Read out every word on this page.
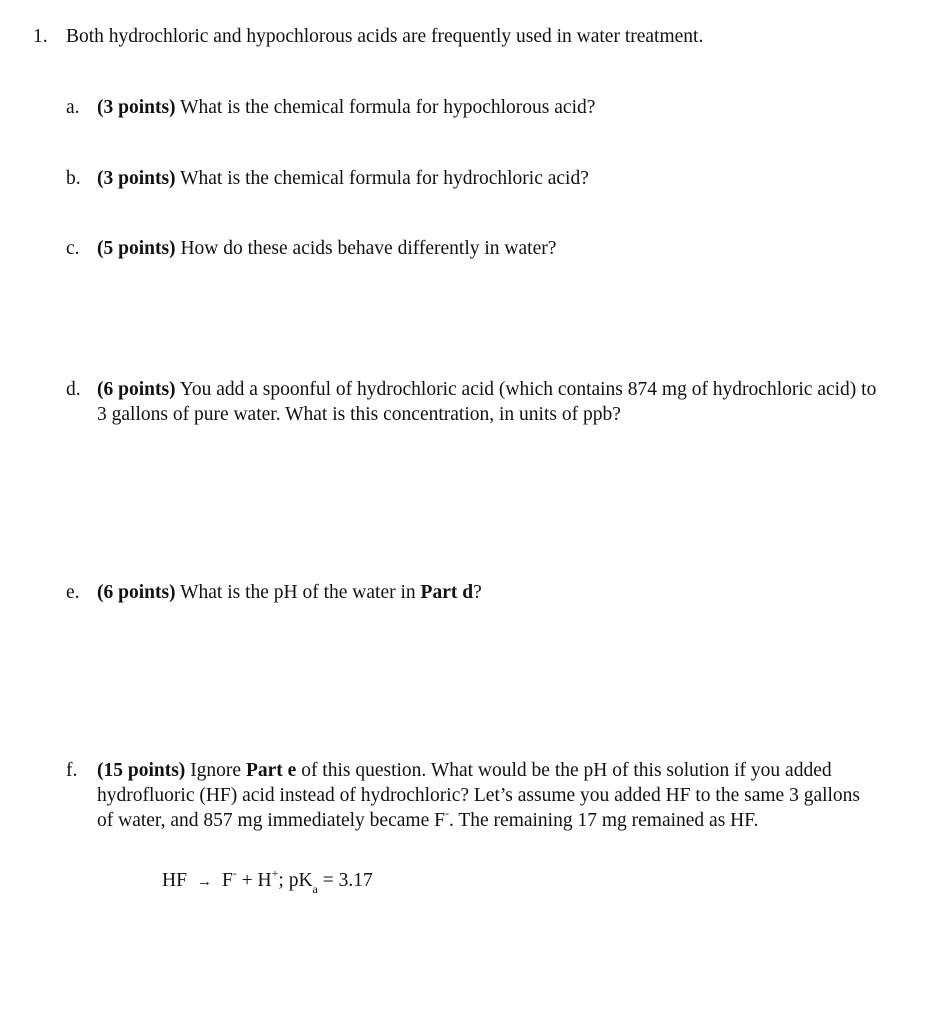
1. Both hydrochloric and hypochlorous acids are frequently used in water treatment.
a. (3 points) What is the chemical formula for hypochlorous acid?
b. (3 points) What is the chemical formula for hydrochloric acid?
c. (5 points) How do these acids behave differently in water?
d. (6 points) You add a spoonful of hydrochloric acid (which contains 874 mg of hydrochloric acid) to 3 gallons of pure water. What is this concentration, in units of ppb?
e. (6 points) What is the pH of the water in Part d?
f. (15 points) Ignore Part e of this question. What would be the pH of this solution if you added hydrofluoric (HF) acid instead of hydrochloric? Let’s assume you added HF to the same 3 gallons of water, and 857 mg immediately became F-. The remaining 17 mg remained as HF.
HF → F- + H+; $pK_a = 3.17$
